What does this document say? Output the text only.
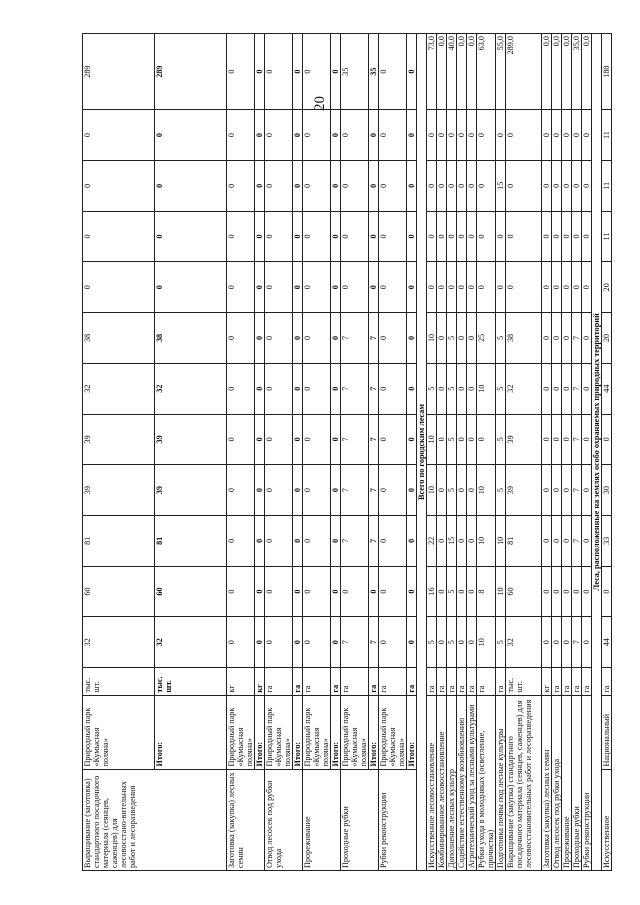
20
Выращивание (заготовка) стандартного посадочного материала (сеянцев, саженцев) для лесовосстано-вительных работ и лесоразведения	Природный парк «Кумысная поляна»	тыс. шт.	32	60	81	39	39	32	38	0	0	0	0	289
	Итого:	тыс. шт.	32	60	81	39	39	32	38	0	0	0	0	289
Заготовка (закупка) лесных семян	Природный парк «Кумысная поляна»	кг	0	0	0	0	0	0	0	0	0	0	0	0
	Итого:	кг	0	0	0	0	0	0	0	0	0	0	0	0
Отвод лесосек под рубки ухода	Природный парк «Кумысная поляна»	га	0	0	0	0	0	0	0	0	0	0	0	0
	Итого:	га	0	0	0	0	0	0	0	0	0	0	0	0
Прореживание	Природный парк «Кумысная поляна»	га	0	0	0	0	0	0	0	0	0	0	0	0
	Итого:	га	0	0	0	0	0	0	0	0	0	0	0	0
Проходные рубки	Природный парк «Кумысная поляна»	га	7	0	7	7	7	7	7	0	0	0	0	35
	Итого:	га	7	0	7	7	7	7	7	0	0	0	0	35
Рубки реконструкции	Природный парк «Кумысная поляна»	га	0	0	0	0	0	0	0	0	0	0	0	0
	Итого:	га	0	0	0	0	0	0	0	0	0	0	0	0
Всего по городским лесам														
Искусственное лесовосстановление		га	5	16	22	10	10	5	10	0	0	0	0	73,0
Комбинированное лесовосстановление		га	0	0	0	0	0	0	0	0	0	0	0	0,0
Дополнение лесных культур		га	5	5	15	5	5	5	5	0	0	0	0	40,0
Содействие естественному возобновлению		га	0	0	0	0	0	0	0	0	0	0	0	0,0
Агротехнический уход за лесными культурами		га	0	0	0	0	0	0	0	0	0	0	0	0,0
Рубки ухода в молодняках (осветление, прочистка)		га	10	8	10	10	0	10	25	0	0	0	0	63,0
Подготовка почвы под лесные культуры		га	5	10	10	5	5	5	5	0	0	15	0	55,0
Выращивание (закупка) стандартного посадочного материала (сеянцев, саженцев) для лесовосстановительных работ и лесоразведения		тыс. шт.	32	60	81	39	39	32	38	0	0	0	0	289,0
Заготовка (закупка) лесных семян		кг	0	0	0	0	0	0	0	0	0	0	0	0,0
Отвод лесосек под рубки ухода		га	0	0	0	0	0	0	0	0	0	0	0	0,0
Прореживание		га	0	0	0	0	0	0	0	0	0	0	0	0,0
Проходные рубки		га	7	0	7	7	7	7	7	0	0	0	0	35,0
Рубки реконструкции		га	0	0	0	0	0	0	0	0	0	0	0	0,0
Леса, расположенные на землях особо охраняемых природных территорий														
Искусственное	Национальный	га	44	0	33	30	0	44	20	20	11	11	11	180
